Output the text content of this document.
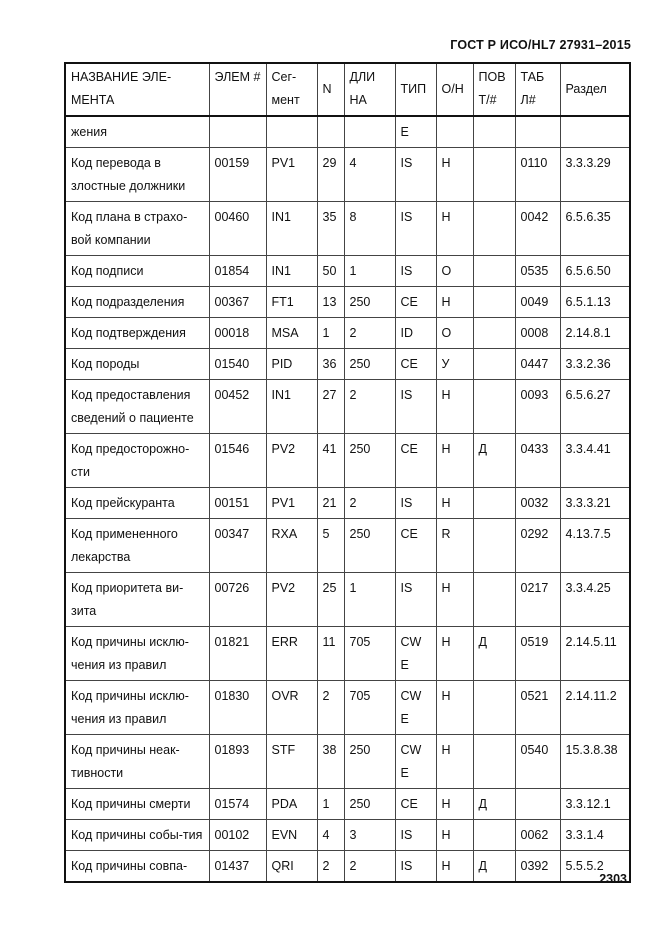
ГОСТ Р ИСО/HL7 27931–2015
НАЗВАНИЕ ЭЛЕ-МЕНТА	ЭЛЕМ #	Сег-мент	N	ДЛИ НА	ТИП	О/Н	ПОВ Т/#	ТАБ Л#	Раздел
жения					E				
Код перевода в злостные должники	00159	PV1	29	4	IS	Н		0110	3.3.3.29
Код плана в страхо-вой компании	00460	IN1	35	8	IS	Н		0042	6.5.6.35
Код подписи	01854	IN1	50	1	IS	О		0535	6.5.6.50
Код подразделения	00367	FT1	13	250	CE	Н		0049	6.5.1.13
Код подтверждения	00018	MSA	1	2	ID	О		0008	2.14.8.1
Код породы	01540	PID	36	250	CE	У		0447	3.3.2.36
Код предоставления сведений о пациенте	00452	IN1	27	2	IS	Н		0093	6.5.6.27
Код предосторожно-сти	01546	PV2	41	250	CE	Н	Д	0433	3.3.4.41
Код прейскуранта	00151	PV1	21	2	IS	Н		0032	3.3.3.21
Код примененного лекарства	00347	RXA	5	250	CE	R		0292	4.13.7.5
Код приоритета ви-зита	00726	PV2	25	1	IS	Н		0217	3.3.4.25
Код причины исклю-чения из правил	01821	ERR	11	705	CW E	Н	Д	0519	2.14.5.11
Код причины исклю-чения из правил	01830	OVR	2	705	CW E	Н		0521	2.14.11.2
Код причины неак-тивности	01893	STF	38	250	CW E	Н		0540	15.3.8.38
Код причины смерти	01574	PDA	1	250	CE	Н	Д		3.3.12.1
Код причины собы-тия	00102	EVN	4	3	IS	Н		0062	3.3.1.4
Код причины совпа-	01437	QRI	2	2	IS	Н	Д	0392	5.5.5.2
2303
